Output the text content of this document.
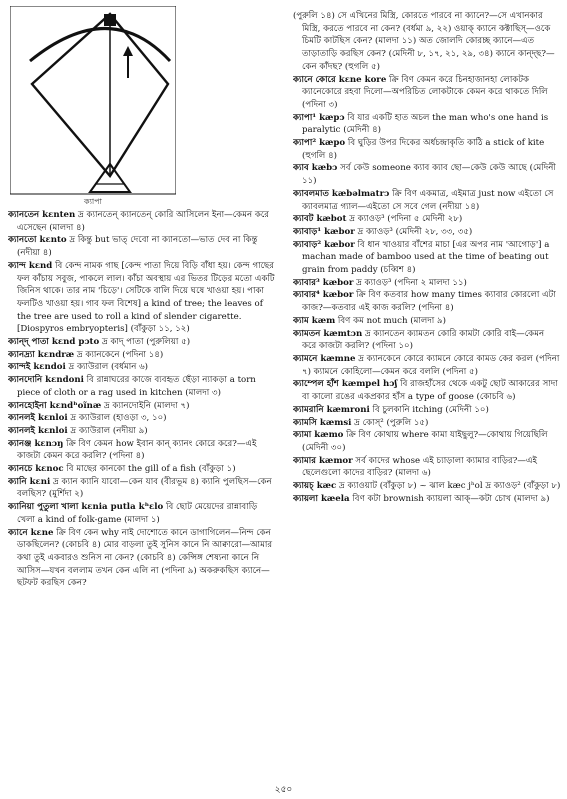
ক্যাপা
ক্যানতেন kεnten দ্র ক্যানতেন্‌ ক্যানতেন্‌ কোরি আসিলেন ইনা—কেমন করে এসেছেন (মালদা ৪)
ক্যানতো kεnto দ্র কিন্তু but ভাত্‌ দেবো না ক্যানতো—ভাত দেব না কিন্তু (নদীয়া ৪)
ক্যান্দ kεnd বি কেন্দ নামক গাছ [কেন্দ পাতা দিয়ে বিড়ি বাঁধা হয়। কেন্দ গাছের ফল কাঁচায় সবুজ, পাকলে লাল। কাঁচা অবস্থায় এর ভিতর টিড়ের মতো একটি জিনিস থাকে। তার নাম 'চিড়ে'। সেটিকে বালি দিয়ে ঘষে খাওয়া হয়। পাকা ফলটিও খাওয়া হয়। গাব ফল বিশেষ] a kind of tree; the leaves of the tree are used to roll a kind of slender cigarette. [Diospyros embryopteris] (বাঁকুড়া ১১, ১২)
ক্যান্দ্‌ পাতা kεnd pɔto দ্র কাদ্‌ পাতা (পুরুলিয়া ৫)
ক্যানদ্র্যা kεndræ দ্র ক্যানকেনে (পদিনা ১৪)
ক্যান্দই kεndoi দ্র ক্যাউরাল (বর্ধমান ৬)
ক্যানদোনি kεndoni বি রান্নাঘরের কাজে ব্যবহৃত ছেঁড়া ন্যাকড়া a torn piece of cloth or a rag used in kitchen (মালদা ৩)
ক্যানহোইনা kεndʰoĩnæ দ্র ক্যানদোইনি (মালদা ৭)
ক্যানলই kεnloi দ্র ক্যাউরাল (হাওড়া ৩, ১০)
ক্যানলই kεnloi দ্র ক্যাউরাল (নদীয়া ৯)
ক্যানঞ্জ kεnɔŋ ক্রি বিণ কেমন how ইবান কান্‌ ক্যানং কোরে করে?—এই কাজটা কেমন করে করলি? (পদিনা ৪)
ক্যানচে kεnoc বি মাছের কানকো the gill of a fish (বাঁকুড়া ১)
ক্যানি kεni দ্র ক্যান ক্যানি যাবো—কেন যাব (বীরভূম ৪) ক্যানি পুলছিস—কেন বলছিস? (মুর্শিদা ২)
ক্যানিয়া পুতুলা খালা kεnia putla kʰεlo বি ছোট মেয়েদের রান্নাবাড়ি খেলা a kind of folk-game (মালদা ১)
ক্যানে kεne ক্রি বিণ কেন why নাই দোশোতে কানে ডাগাগিলেন—নিন্দ কেন ডাকছিলেন? (কোচবি ৪) মোর বাড়লা তুই সুনিস কানে নি আক্বারো—আমার কথা তুই একবারও শুনিস না কেন? (কোচবি ৪) কেন্সিঙ্গ শেষ্যনা কানে নি আসিস—যখন বললাম তখন কেন এলি না (পদিনা ৯) অকরুকছিস ক্যানে—ছটফট করছিস কেন?
(পুরুলি ১৪) সে এখিনের মিস্ত্রি, কোরতে পারবে না ক্যানে?—সে এখানকার মিস্ত্রি, করতে পারবে না কেন? (বর্ধমা ৯, ২২) ওয়াক্‌ ক্যানে কক্টাছিস্‌—ওকে চিমটি কাটছিস কেন? (মালদা ১১) অত জোলদি কোরচ্ছ ক্যানে—এত তাড়াতাড়ি করছিস কেন? (মেদিনী ৮, ১৭, ২১, ২৯, ৩৪) ক্যানে কান্দ্‌ছ?—কেন কাঁদছ? (হুগলি ৫)
ক্যানে কোরে kεne kore ক্রি বিণ কেমন করে চিনহাজানহা লোকটক ক্যানেকোরে রহবা দিলো—অপরিচিত লোকটাকে কেমন করে থাকতে দিলি (পদিনা ৩)
ক্যাপা¹ kæpɔ বি যার একটি হাত অচল the man who's one hand is paralytic (মেদিনী ৪)
ক্যাপা² kæpo বি ঘুড়ির উপর দিকের অর্ধচন্দ্রাকৃতি কাঠি a stick of kite (হুগলি ৪)
ক্যাব kæbɔ সর্ব কেউ someone ক্যাব ক্যাব ছো—কেউ কেউ আছে (মেদিনী ১১)
ক্যাবলমাত kæbəlmatrɔ ক্রি বিণ একমাত্র, এইমাত্র just now এইতো সে ক্যাবলমাত্র গ্যাল—এইতো সে সবে গেল (নদীয়া ১৪)
ক্যাবট kæbot দ্র ক্যাওড়³ (পদিনা ৫ মেদিনী ২৮)
ক্যাবাড়¹ kæbor দ্র ক্যাওড়³ (মেদিনী ২৮, ৩৩, ৩৫)
ক্যাবাড়² kæbor বি ধান খাওয়ার বাঁশের মাচা [এর অপর নাম 'আগোড়'] a machan made of bamboo used at the time of beating out grain from paddy (চব্বিশ ৪)
ক্যাবার³ kæbor দ্র ক্যাওড়³ (পদিনা ২ মালদা ১১)
ক্যাবার⁴ kæbor ক্রি বিণ কতবার how many times ক্যাবার কোরলো এটা কাজ?—কতবার এই কাজ করলি? (পদিনা ৪)
ক্যাম kæm বিণ কম not much (মালদা ৯)
ক্যামতন kæmtɔn দ্র ক্যানতেন ক্যামতন কোরি কামটা কোরি বাই—কেমন করে কাজটা করলি? (পদিনা ১০)
ক্যামনে kæmne দ্র ক্যানকেনে কোরে ক্যামনে কোরে কামড কের করল (পদিনা ৭) ক্যামনে কোহিলো—কেমন করে বললি (পদিনা ৫)
ক্যাম্পেল হাঁশ kæmpel hɔʃ বি রাজহাঁসের থেকে একটু ছোট আকারের সাদা বা কালো রঙের একপ্রকার হাঁস a type of goose (কোচবি ৬)
ক্যামরানি kæmroni বি চুলকানি itching (মেদিনী ১০)
ক্যামসি kæmsi দ্র কোস্‌² (পুরুলি ১৫)
ক্যামা kæmo ক্রি বিণ কোথায় where কামা যাইছুলু?—কোথায় গিয়েছিলি (মেদিনী ৩০)
ক্যামার kæmor সর্ব কাদের whose এই চ্যাড়ালা ক্যামার বাড়ির?—এই ছেলেগুলো কাদের বাড়ির? (মালদা ৬)
ক্যায়চ্‌ kæc দ্র ক্যাওয়াট (বাঁকুড়া ৮) ~ ঝাল kæc jʰol দ্র ক্যাওড়² (বাঁকুড়া ৮)
ক্যায়লা kæela বিণ কটা brownish ক্যায়লা আক্‌—কটা চোখ (মালদা ৯)
২৫০
